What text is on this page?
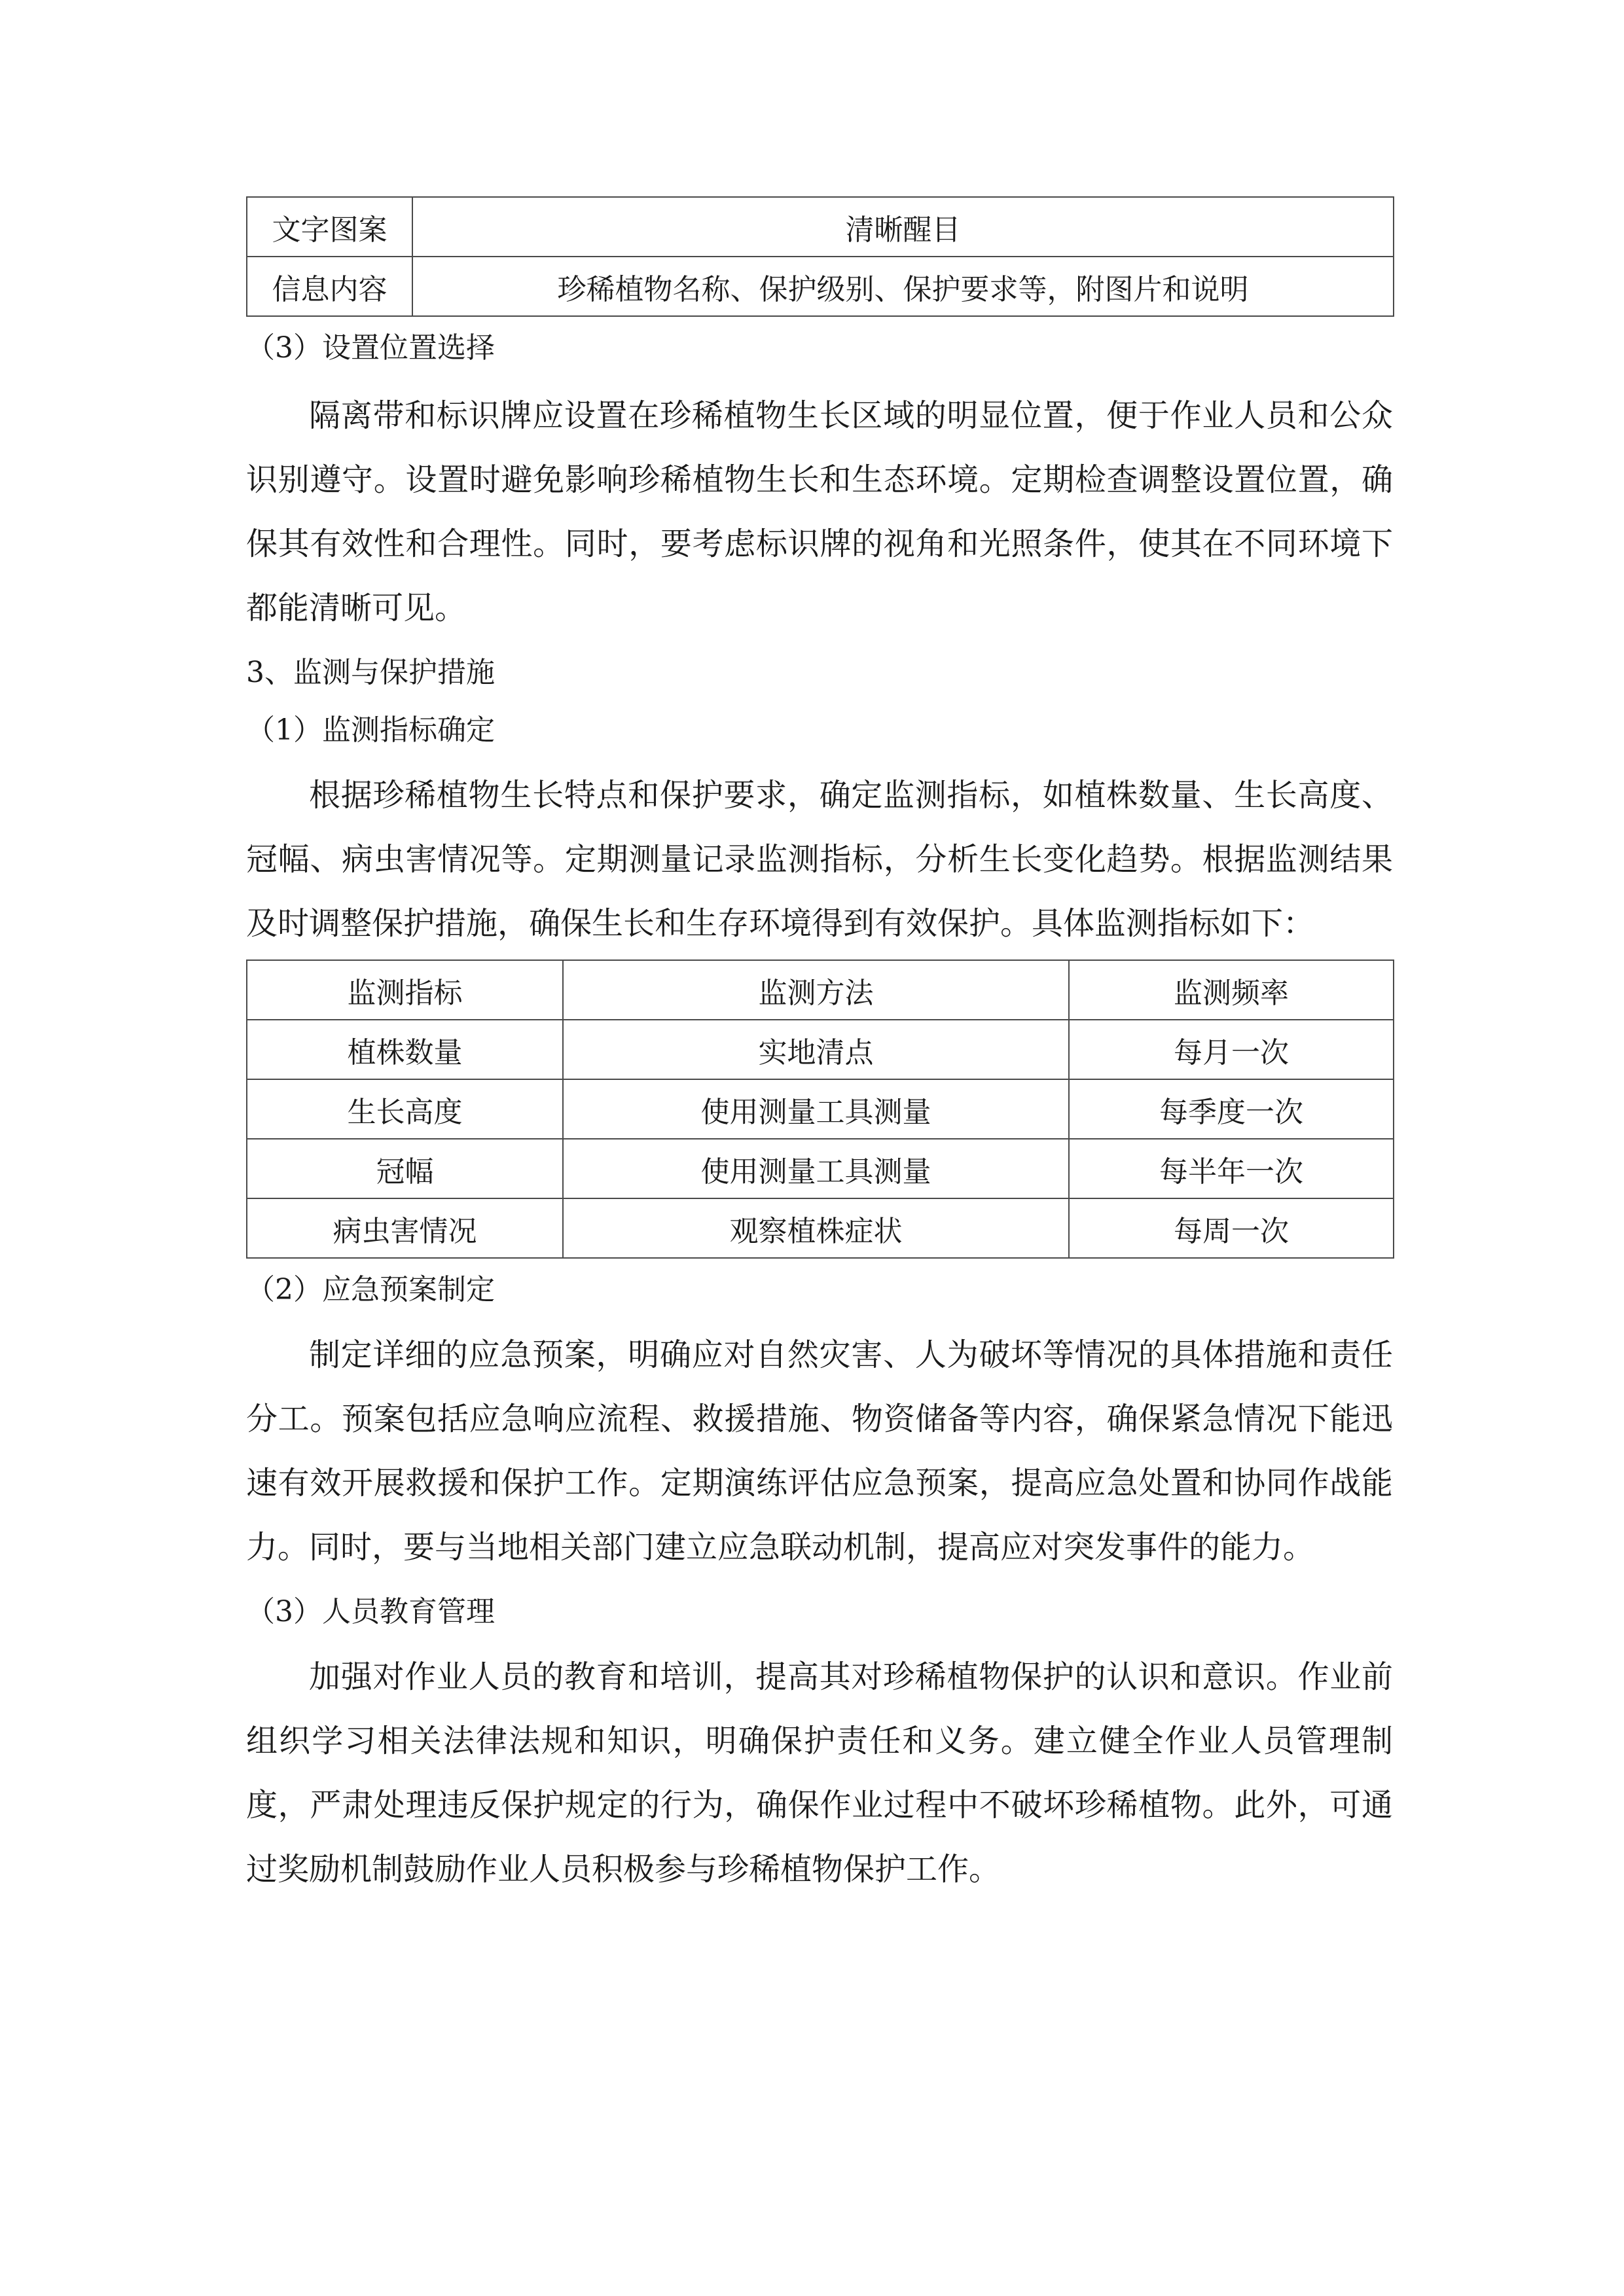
文字图案	清晰醒目
信息内容	珍稀植物名称、保护级别、保护要求等，附图片和说明

（3）设置位置选择

隔离带和标识牌应设置在珍稀植物生长区域的明显位置，便于作业人员和公众识别遵守。设置时避免影响珍稀植物生长和生态环境。定期检查调整设置位置，确保其有效性和合理性。同时，要考虑标识牌的视角和光照条件，使其在不同环境下都能清晰可见。

3、监测与保护措施

（1）监测指标确定

根据珍稀植物生长特点和保护要求，确定监测指标，如植株数量、生长高度、冠幅、病虫害情况等。定期测量记录监测指标，分析生长变化趋势。根据监测结果及时调整保护措施，确保生长和生存环境得到有效保护。具体监测指标如下：

监测指标	监测方法	监测频率
植株数量	实地清点	每月一次
生长高度	使用测量工具测量	每季度一次
冠幅	使用测量工具测量	每半年一次
病虫害情况	观察植株症状	每周一次

（2）应急预案制定

制定详细的应急预案，明确应对自然灾害、人为破坏等情况的具体措施和责任分工。预案包括应急响应流程、救援措施、物资储备等内容，确保紧急情况下能迅速有效开展救援和保护工作。定期演练评估应急预案，提高应急处置和协同作战能力。同时，要与当地相关部门建立应急联动机制，提高应对突发事件的能力。

（3）人员教育管理

加强对作业人员的教育和培训，提高其对珍稀植物保护的认识和意识。作业前组织学习相关法律法规和知识，明确保护责任和义务。建立健全作业人员管理制度，严肃处理违反保护规定的行为，确保作业过程中不破坏珍稀植物。此外，可通过奖励机制鼓励作业人员积极参与珍稀植物保护工作。
